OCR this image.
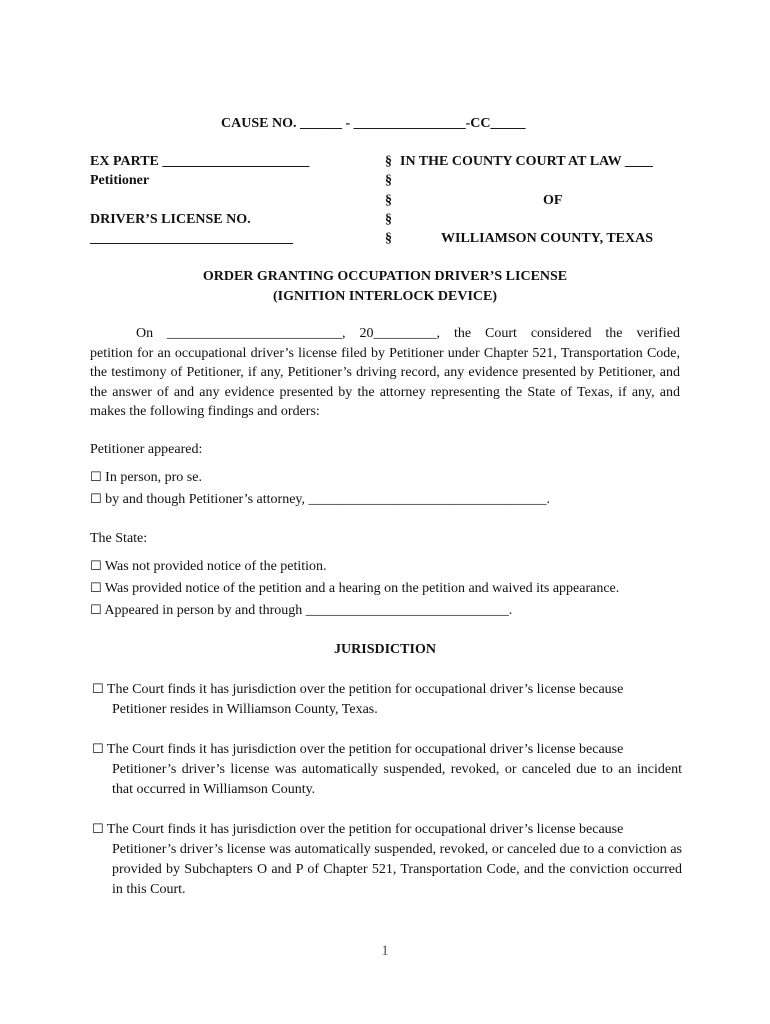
CAUSE NO. ______ - ________________-CC_____
EX PARTE _____________________
Petitioner
DRIVER’S LICENSE NO.
_____________________________
§
§
§
§
§
IN THE COUNTY COURT AT LAW ____
OF
WILLIAMSON COUNTY, TEXAS
ORDER GRANTING OCCUPATION DRIVER’S LICENSE
(IGNITION INTERLOCK DEVICE)
On _________________________, 20_________, the Court considered the verified
petition for an occupational driver’s license filed by Petitioner under Chapter 521, Transportation Code, the testimony of Petitioner, if any, Petitioner’s driving record, any evidence presented by Petitioner, and the answer of and any evidence presented by the attorney representing the State of Texas, if any, and makes the following findings and orders:
Petitioner appeared:
☐ In person, pro se.
☐ by and though Petitioner’s attorney, __________________________________.
The State:
☐ Was not provided notice of the petition.
☐ Was provided notice of the petition and a hearing on the petition and waived its appearance.
☐ Appeared in person by and through _____________________________.
JURISDICTION
☐ The Court finds it has jurisdiction over the petition for occupational driver’s license because
Petitioner resides in Williamson County, Texas.
☐ The Court finds it has jurisdiction over the petition for occupational driver’s license because
Petitioner’s driver’s license was automatically suspended, revoked, or canceled due to an incident that occurred in Williamson County.
☐ The Court finds it has jurisdiction over the petition for occupational driver’s license because
Petitioner’s driver’s license was automatically suspended, revoked, or canceled due to a conviction as provided by Subchapters O and P of Chapter 521, Transportation Code, and the conviction occurred in this Court.
1
